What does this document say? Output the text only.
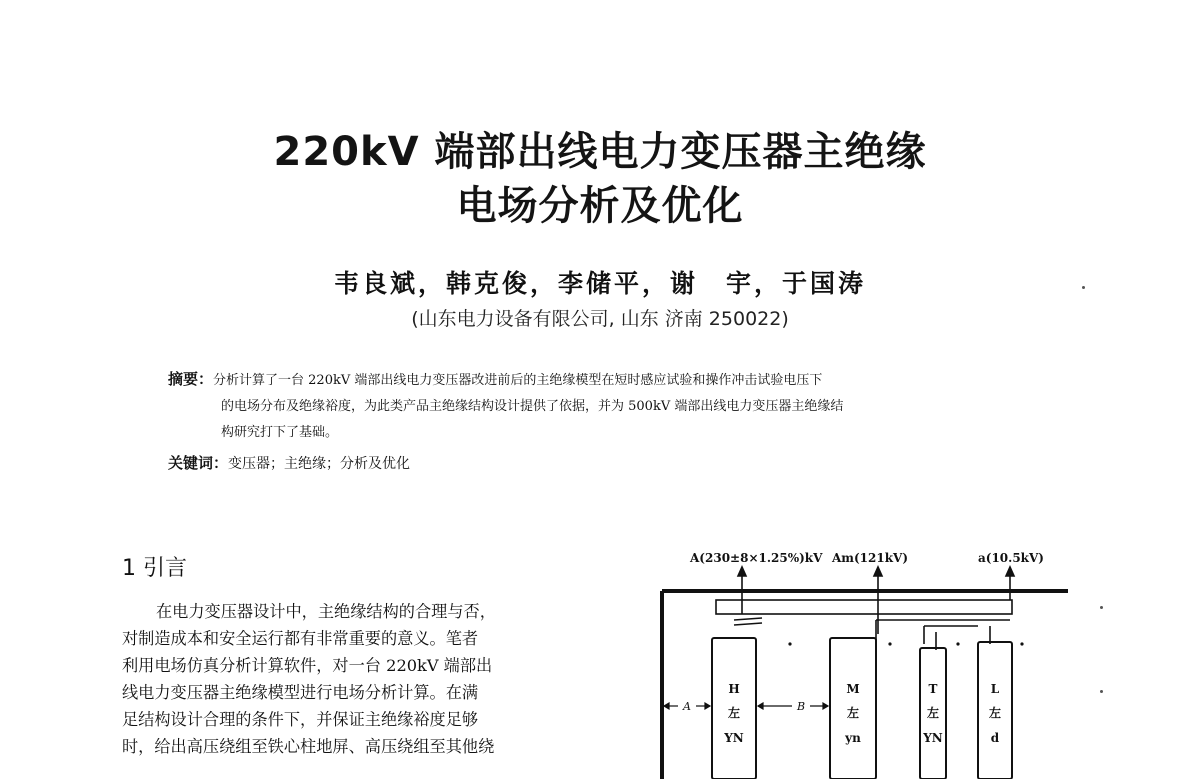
220kV 端部出线电力变压器主绝缘
电场分析及优化
韦良斌，韩克俊，李储平，谢　宇，于国涛
(山东电力设备有限公司, 山东 济南 250022)
摘要：分析计算了一台 220kV 端部出线电力变压器改进前后的主绝缘模型在短时感应试验和操作冲击试验电压下
的电场分布及绝缘裕度，为此类产品主绝缘结构设计提供了依据，并为 500kV 端部出线电力变压器主绝缘结
构研究打下了基础。
关键词：变压器；主绝缘；分析及优化
1 引言
在电力变压器设计中，主绝缘结构的合理与否，
对制造成本和安全运行都有非常重要的意义。笔者
利用电场仿真分析计算软件，对一台 220kV 端部出
线电力变压器主绝缘模型进行电场分析计算。在满
足结构设计合理的条件下，并保证主绝缘裕度足够
时，给出高压绕组至铁心柱地屏、高压绕组至其他绕
A(230±8×1.25%)kV Am(121kV)	a(10.5kV)
H
左
YN
M
左
yn
T
左
YN
L
左
d
A	B
